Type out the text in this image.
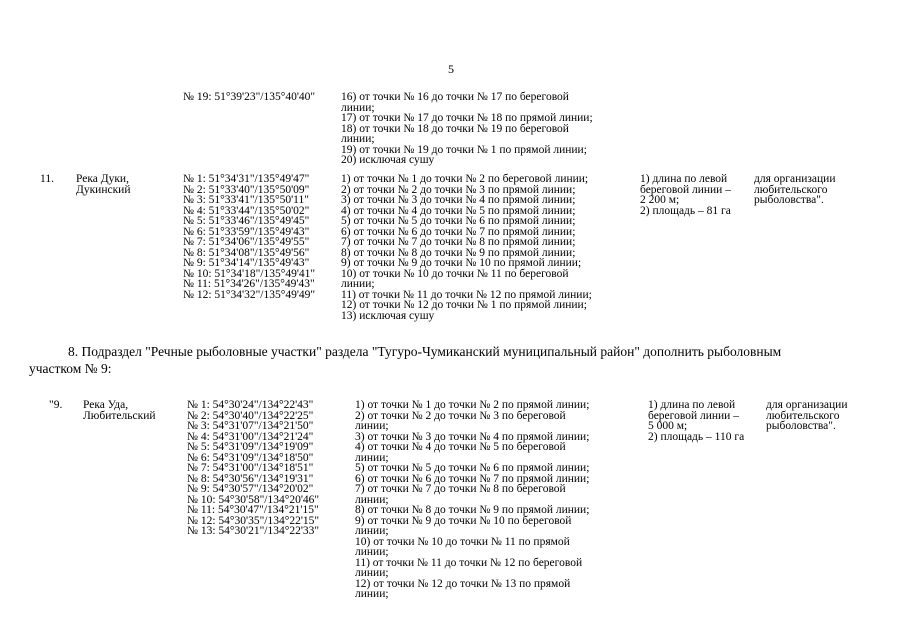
5
№ 19: 51°39'23"/135°40'40" 16) от точки № 16 до точки № 17 по береговой
линии;
17) от точки № 17 до точки № 18 по прямой линии;
18) от точки № 18 до точки № 19 по береговой
линии;
19) от точки № 19 до точки № 1 по прямой линии;
20) исключая сушу
11. Река Дуки,
Дукинский
№ 1: 51°34'31"/135°49'47"
№ 2: 51°33'40"/135°50'09"
№ 3: 51°33'41"/135°50'11"
№ 4: 51°33'44"/135°50'02"
№ 5: 51°33'46"/135°49'45"
№ 6: 51°33'59"/135°49'43"
№ 7: 51°34'06"/135°49'55"
№ 8: 51°34'08"/135°49'56"
№ 9: 51°34'14"/135°49'43"
№ 10: 51°34'18"/135°49'41"
№ 11: 51°34'26"/135°49'43"
№ 12: 51°34'32"/135°49'49"
1) от точки № 1 до точки № 2 по береговой линии;
2) от точки № 2 до точки № 3 по прямой линии;
3) от точки № 3 до точки № 4 по прямой линии;
4) от точки № 4 до точки № 5 по прямой линии;
5) от точки № 5 до точки № 6 по прямой линии;
6) от точки № 6 до точки № 7 по прямой линии;
7) от точки № 7 до точки № 8 по прямой линии;
8) от точки № 8 до точки № 9 по прямой линии;
9) от точки № 9 до точки № 10 по прямой линии;
10) от точки № 10 до точки № 11 по береговой
линии;
11) от точки № 11 до точки № 12 по прямой линии;
12) от точки № 12 до точки № 1 по прямой линии;
13) исключая сушу
1) длина по левой
береговой линии –
2 200 м;
2) площадь – 81 га
для организации
любительского
рыболовства".
8. Подраздел "Речные рыболовные участки" раздела "Тугуро-Чумиканский муниципальный район" дополнить рыболовным
участком № 9:
"9. Река Уда,
Любительский
№ 1: 54°30'24"/134°22'43"
№ 2: 54°30'40"/134°22'25"
№ 3: 54°31'07"/134°21'50"
№ 4: 54°31'00"/134°21'24"
№ 5: 54°31'09"/134°19'09"
№ 6: 54°31'09"/134°18'50"
№ 7: 54°31'00"/134°18'51"
№ 8: 54°30'56"/134°19'31"
№ 9: 54°30'57"/134°20'02"
№ 10: 54°30'58"/134°20'46"
№ 11: 54°30'47"/134°21'15"
№ 12: 54°30'35"/134°22'15"
№ 13: 54°30'21"/134°22'33"
1) от точки № 1 до точки № 2 по прямой линии;
2) от точки № 2 до точки № 3 по береговой
линии;
3) от точки № 3 до точки № 4 по прямой линии;
4) от точки № 4 до точки № 5 по береговой
линии;
5) от точки № 5 до точки № 6 по прямой линии;
6) от точки № 6 до точки № 7 по прямой линии;
7) от точки № 7 до точки № 8 по береговой
линии;
8) от точки № 8 до точки № 9 по прямой линии;
9) от точки № 9 до точки № 10 по береговой
линии;
10) от точки № 10 до точки № 11 по прямой
линии;
11) от точки № 11 до точки № 12 по береговой
линии;
12) от точки № 12 до точки № 13 по прямой
линии;
1) длина по левой
береговой линии –
5 000 м;
2) площадь – 110 га
для организации
любительского
рыболовства".
